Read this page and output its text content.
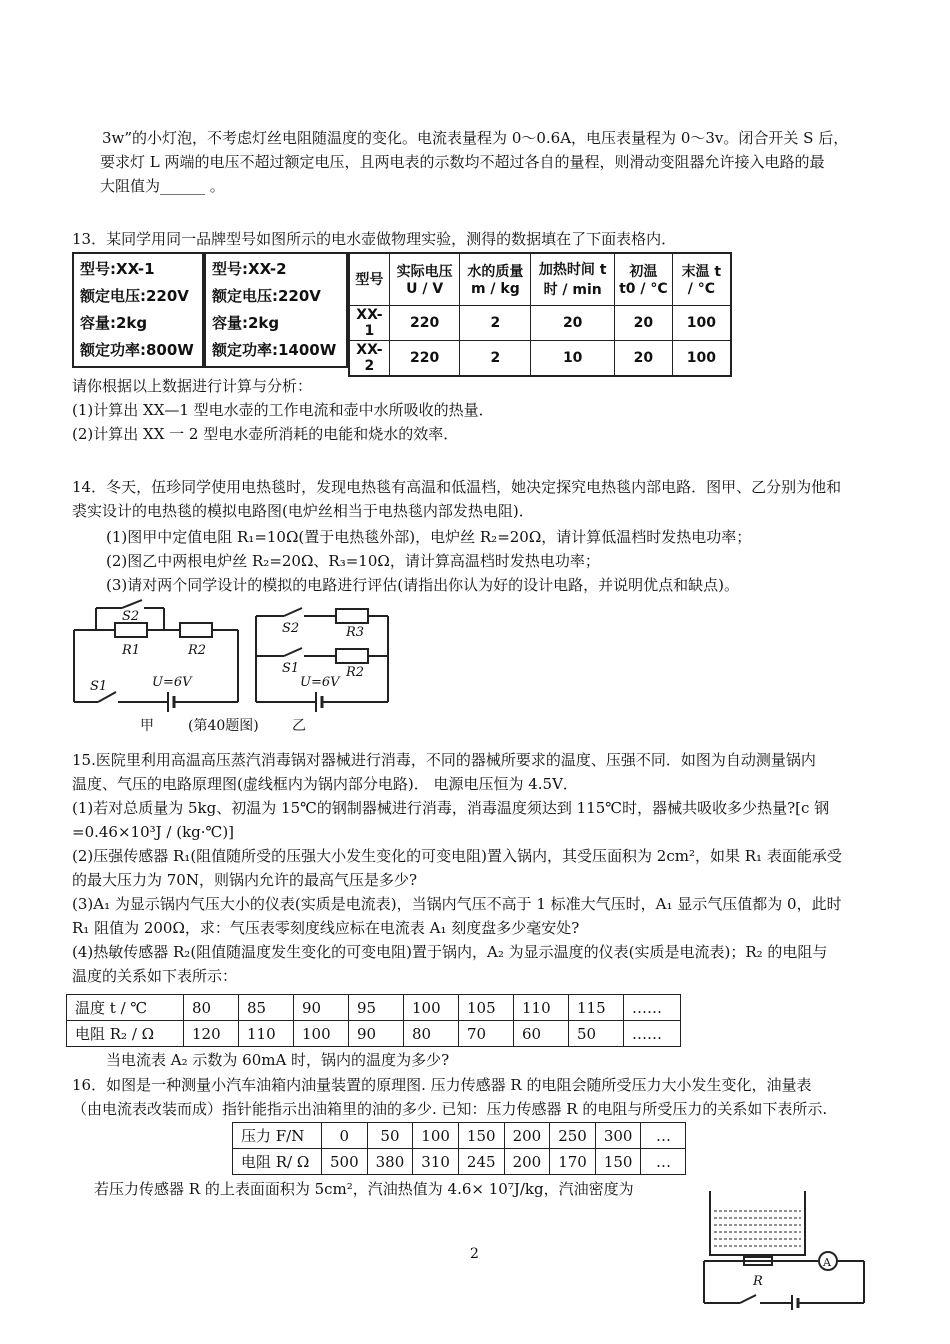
3w”的小灯泡，不考虑灯丝电阻随温度的变化。电流表量程为 0～0.6A，电压表量程为 0～3v。闭合开关 S 后，
要求灯 L 两端的电压不超过额定电压，且两电表的示数均不超过各自的量程，则滑动变阻器允许接入电路的最
大阻值为______ 。
13．某同学用同一品牌型号如图所示的电水壶做物理实验，测得的数据填在了下面表格内．
型号:XX-1
额定电压:220V
容量:2kg
额定功率:800W
型号:XX-2
额定电压:220V
容量:2kg
额定功率:1400W
型号	实际电压 U / V	水的质量 m / kg	加热时间 t时 / min	初温 t0 / °C	末温 t / °C
XX-1	220	2	20	20	100
XX-2	220	2	10	20	100
请你根据以上数据进行计算与分析：
(1)计算出 XX—1 型电水壶的工作电流和壶中水所吸收的热量．
(2)计算出 XX 一 2 型电水壶所消耗的电能和烧水的效率．
14．冬天，伍珍同学使用电热毯时，发现电热毯有高温和低温档，她决定探究电热毯内部电路．图甲、乙分别为他和
裘实设计的电热毯的模拟电路图(电炉丝相当于电热毯内部发热电阻)．
(1)图甲中定值电阻 R₁=10Ω(置于电热毯外部)，电炉丝 R₂=20Ω，请计算低温档时发热电功率；
(2)图乙中两根电炉丝 R₂=20Ω、R₃=10Ω，请计算高温档时发热电功率；
(3)请对两个同学设计的模拟的电路进行评估(请指出你认为好的设计电路，并说明优点和缺点)。
S2
R1	R2
S1	U=6V
S2	R3
S1	R2
U=6V
甲 (第40题图) 乙
15.医院里利用高温高压蒸汽消毒锅对器械进行消毒，不同的器械所要求的温度、压强不同．如图为自动测量锅内
温度、气压的电路原理图(虚线框内为锅内部分电路)． 电源电压恒为 4.5V．
(1)若对总质量为 5kg、初温为 15℃的钢制器械进行消毒，消毒温度须达到 115℃时，器械共吸收多少热量?[c 钢
=0.46×10³J / (kg·℃)]
(2)压强传感器 R₁(阻值随所受的压强大小发生变化的可变电阻)置入锅内，其受压面积为 2cm²，如果 R₁ 表面能承受
的最大压力为 70N，则锅内允许的最高气压是多少?
(3)A₁ 为显示锅内气压大小的仪表(实质是电流表)，当锅内气压不高于 1 标准大气压时，A₁ 显示气压值都为 0，此时
R₁ 阻值为 200Ω，求：气压表零刻度线应标在电流表 A₁ 刻度盘多少毫安处?
(4)热敏传感器 R₂(阻值随温度发生变化的可变电阻)置于锅内，A₂ 为显示温度的仪表(实质是电流表)；R₂ 的电阻与
温度的关系如下表所示：
温度 t / ℃	80	85	90	95	100	105	110	115	……
电阻 R₂ / Ω	120	110	100	90	80	70	60	50	……
当电流表 A₂ 示数为 60mA 时，锅内的温度为多少?
16．如图是一种测量小汽车油箱内油量装置的原理图. 压力传感器 R 的电阻会随所受压力大小发生变化，油量表
（由电流表改装而成）指针能指示出油箱里的油的多少. 已知：压力传感器 R 的电阻与所受压力的关系如下表所示.
压力 F/N	0	50	100	150	200	250	300	…
电阻 R/ Ω	500	380	310	245	200	170	150	…
若压力传感器 R 的上表面面积为 5cm²，汽油热值为 4.6× 10⁷J/kg，汽油密度为
R
A
2
